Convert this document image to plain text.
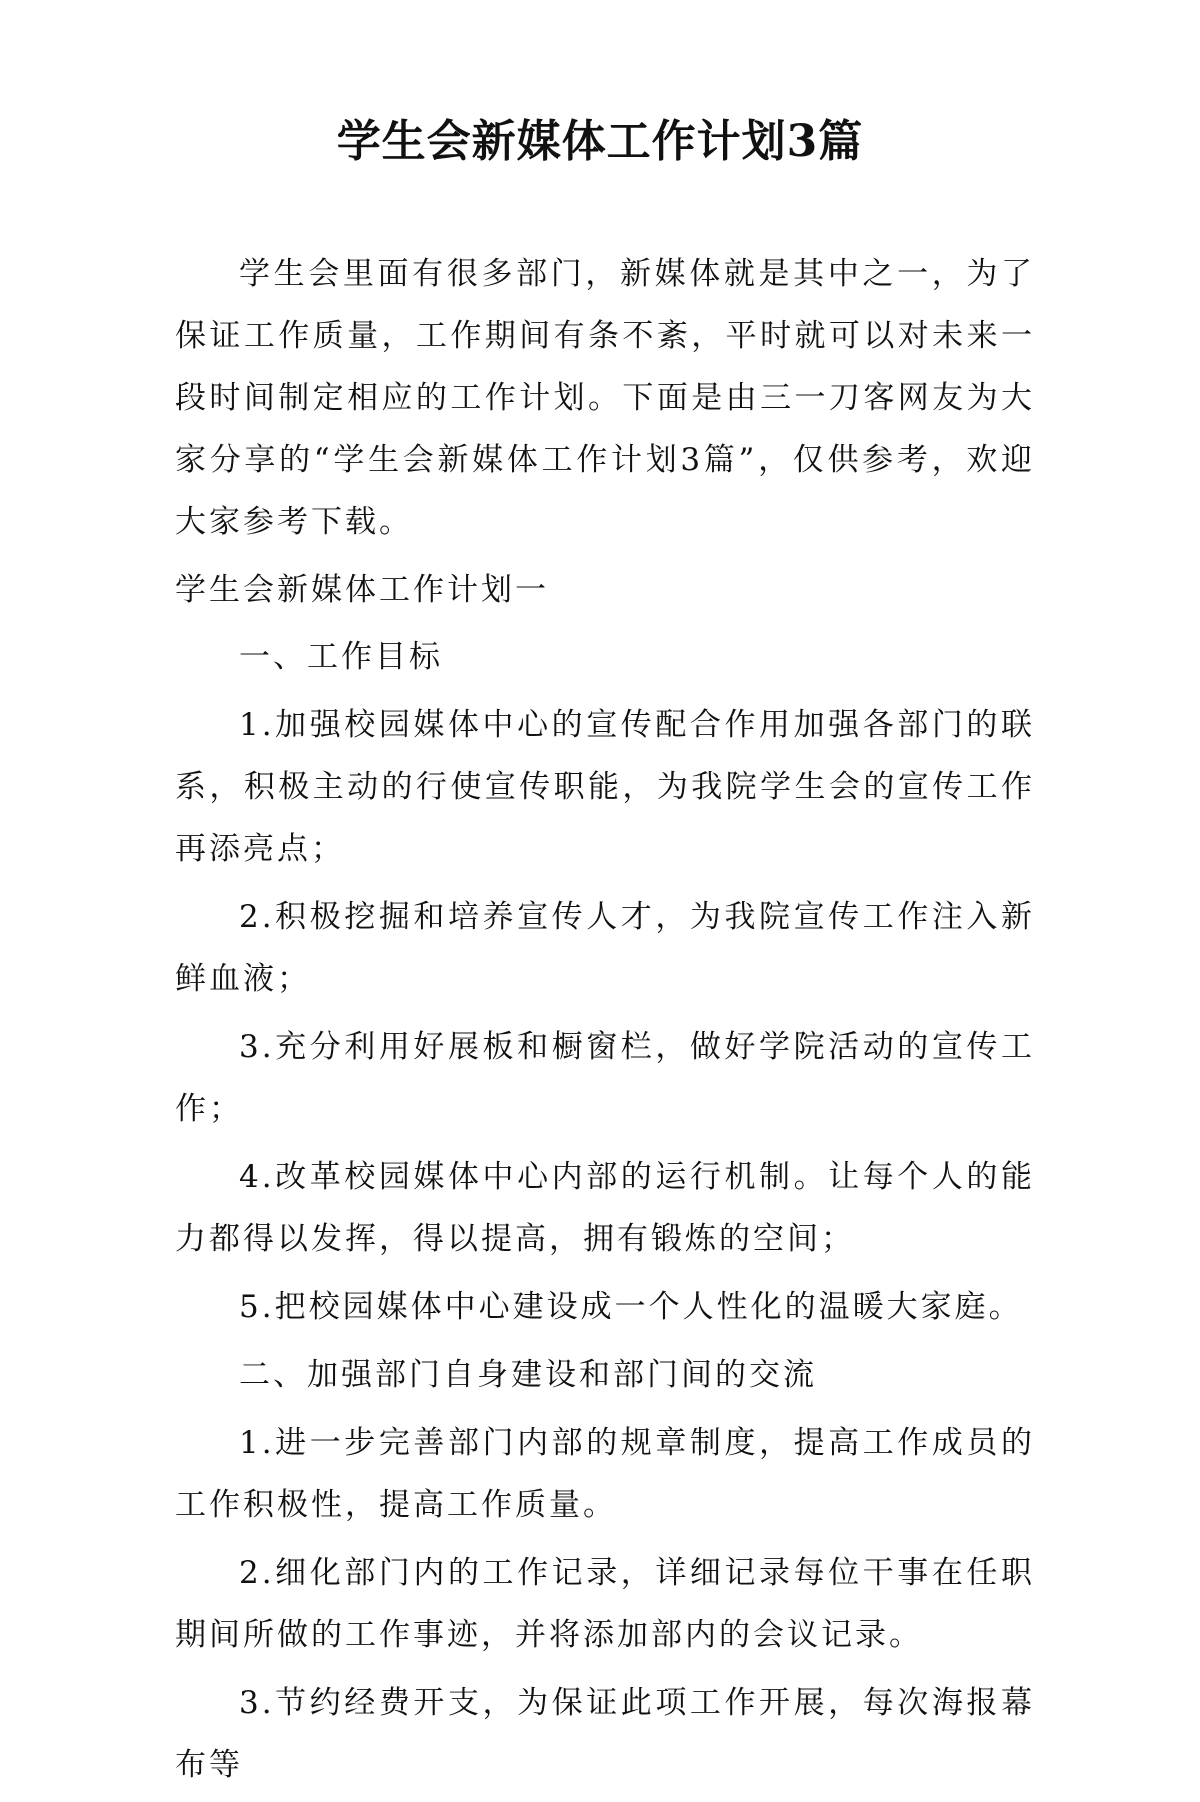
学生会新媒体工作计划3篇
学生会里面有很多部门，新媒体就是其中之一，为了保证工作质量，工作期间有条不紊，平时就可以对未来一段时间制定相应的工作计划。下面是由三一刀客网友为大家分享的“学生会新媒体工作计划3篇”，仅供参考，欢迎大家参考下载。
学生会新媒体工作计划一

一、工作目标

1.加强校园媒体中心的宣传配合作用加强各部门的联系，积极主动的行使宣传职能，为我院学生会的宣传工作再添亮点；

2.积极挖掘和培养宣传人才，为我院宣传工作注入新鲜血液；

3.充分利用好展板和橱窗栏，做好学院活动的宣传工作；

4.改革校园媒体中心内部的运行机制。让每个人的能力都得以发挥，得以提高，拥有锻炼的空间；

5.把校园媒体中心建设成一个人性化的温暖大家庭。

二、加强部门自身建设和部门间的交流

1.进一步完善部门内部的规章制度，提高工作成员的工作积极性，提高工作质量。

2.细化部门内的工作记录，详细记录每位干事在任职期间所做的工作事迹，并将添加部内的会议记录。

3.节约经费开支，为保证此项工作开展，每次海报幕布等
